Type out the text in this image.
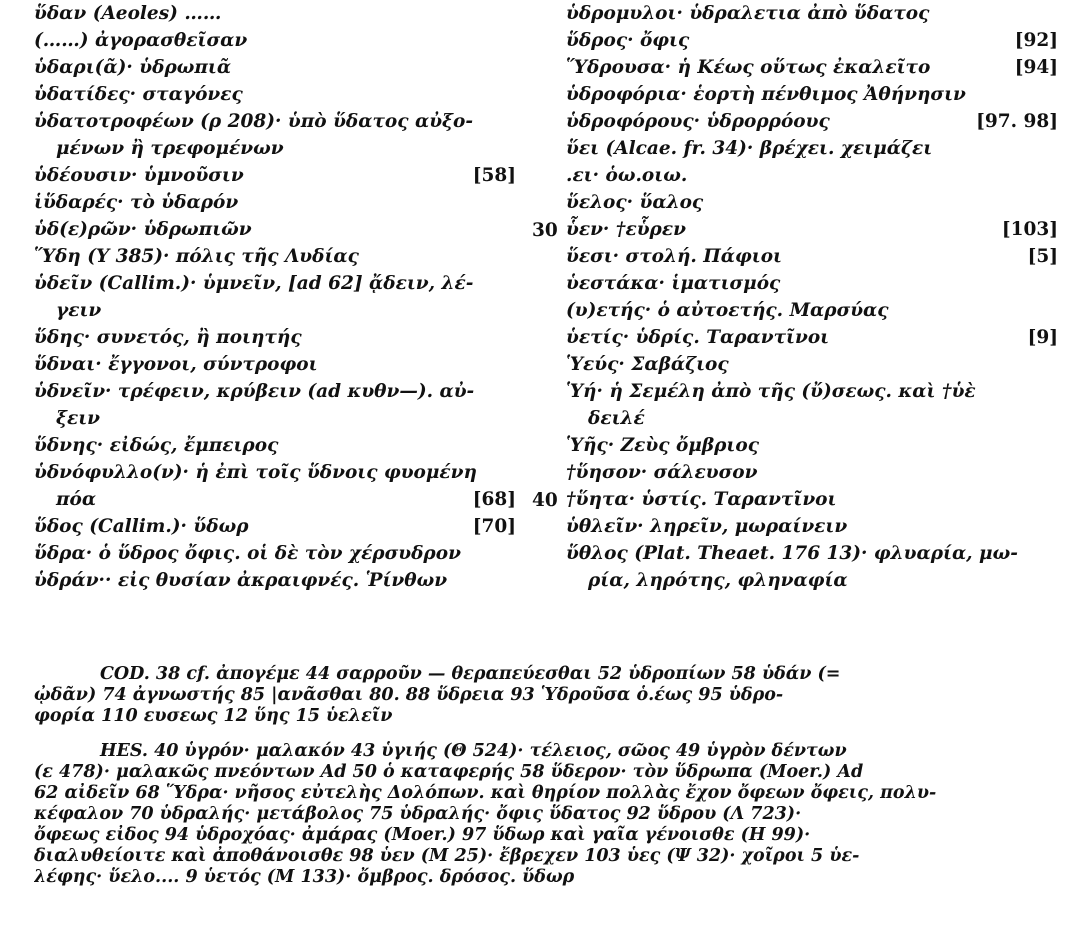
ὕδαν (Aeoles) ……
(……) ἀγορασθεῖσαν
ὑδαρι(ᾶ)· ὑδρωπιᾶ
ὑδατίδες· σταγόνες
ὑδατοτροφέων (ρ 208)· ὑπὸ ὕδατος αὐξο-
μένων ἢ τρεφομένων
ὑδέουσιν· ὑμνοῦσιν	[58]
ἱὕδαρές· τὸ ὑδαρόν
ὑδ(ε)ρῶν· ὑδρωπιῶν
Ὕδη (Υ 385)· πόλις τῆς Λυδίας
ὑδεῖν (Callim.)· ὑμνεῖν, [ad 62] ᾄδειν, λέ-
γειν
ὕδης· συνετός, ἢ ποιητής
ὕδναι· ἔγγονοι, σύντροφοι
ὑδνεῖν· τρέφειν, κρύβειν (ad κυθν—). αὐ-
ξειν
ὕδνης· εἰδώς, ἔμπειρος
ὑδνόφυλλο(ν)· ἡ ἐπὶ τοῖς ὕδνοις φυομένη
πόα	[68]
ὕδος (Callim.)· ὕδωρ	[70]
ὕδρα· ὁ ὕδρος ὄφις. οἱ δὲ τὸν χέρσυδρον
ὑδράν·· εἰς θυσίαν ἀκραιφνές. Ῥίνθων
ὑδρομυλοι· ὑδραλετια ἀπὸ ὕδατος
ὕδρος· ὄφις	[92]
Ὕδρουσα· ἡ Κέως οὕτως ἐκαλεῖτο	[94]
ὑδροφόρια· ἑορτὴ πένθιμος Ἀθήνησιν
ὑδροφόρους· ὑδρορρόους	[97. 98]
ὕει (Alcae. fr. 34)· βρέχει. χειμάζει
.ει· ὁω.οιω.
ὕελος· ὕαλος
ὗεν· †εὗρεν	[103]
ὕεσι· στολή. Πάφιοι	[5]
ὑεστάκα· ἱματισμός
(υ)ετής· ὁ αὐτοετής. Μαρσύας
ὑετίς· ὑδρίς. Ταραντῖνοι	[9]
Ὑεύς· Σαβάζιος
Ὑή· ἡ Σεμέλη ἀπὸ τῆς (ὔ)σεως. καὶ †ὑὲ
δειλέ
Ὑῆς· Ζεὺς ὄμβριος
†ὕησον· σάλευσον
†ὕητα· ὑστίς. Ταραντῖνοι
ὑθλεῖν· ληρεῖν, μωραίνειν
ὕθλος (Plat. Theaet. 176 13)· φλυαρία, μω-
ρία, ληρότης, φληναφία
30
40

COD. 38 cf. ἀπογέμε 44 σαρροῦν — θεραπεύεσθαι 52 ὑδροπίων 58 ὑδάν (=
ᾠδᾶν) 74 ἀγνωστής 85 |ανᾶσθαι 80. 88 ὕδρεια 93 Ὑδροῦσα ὁ.έως 95 ὑδρο-
φορία 110 ευσεως 12 ὕης 15 ὑελεῖν

HES. 40 ὑγρόν· μαλακόν 43 ὑγιής (Θ 524)· τέλειος, σῶος 49 ὑγρὸν δέντων
(ε 478)· μαλακῶς πνεόντων Ad 50 ὁ καταφερής 58 ὕδερον· τὸν ὕδρωπα (Moer.) Ad
62 αἰδεῖν 68 Ὕδρα· νῆσος εὐτελὴς Δολόπων. καὶ θηρίον πολλὰς ἔχον ὄφεων ὄφεις, πολυ-
κέφαλον 70 ὑδραλής· μετάβολος 75 ὑδραλής· ὄφις ὕδατος 92 ὕδρου (Λ 723)·
ὄφεως εἶδος 94 ὑδροχόας· ἀμάρας (Moer.) 97 ὕδωρ καὶ γαῖα γένοισθε (Η 99)·
διαλυθείοιτε καὶ ἀποθάνοισθε 98 ὗεν (Μ 25)· ἔβρεχεν 103 ὗες (Ψ 32)· χοῖροι 5 ὑε-
λέφης· ὕελο.... 9 ὑετός (Μ 133)· ὄμβρος. δρόσος. ὕδωρ
